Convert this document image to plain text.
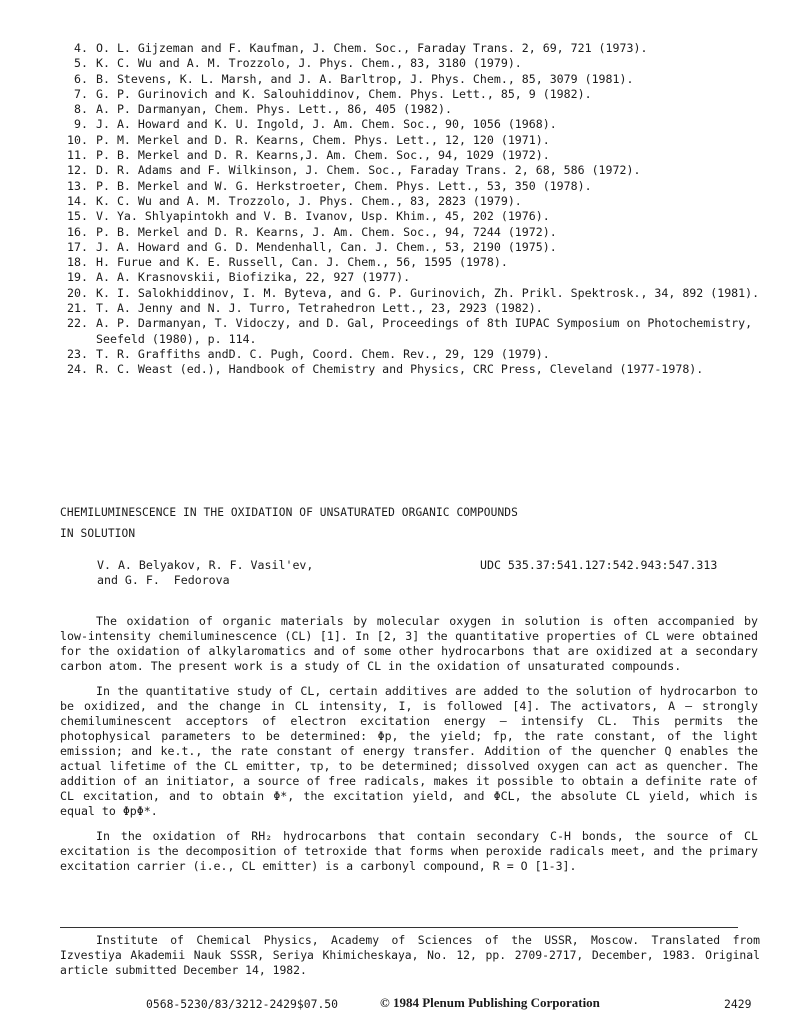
4. O. L. Gijzeman and F. Kaufman, J. Chem. Soc., Faraday Trans. 2, 69, 721 (1973).
5. K. C. Wu and A. M. Trozzolo, J. Phys. Chem., 83, 3180 (1979).
6. B. Stevens, K. L. Marsh, and J. A. Barltrop, J. Phys. Chem., 85, 3079 (1981).
7. G. P. Gurinovich and K. Salouhiddinov, Chem. Phys. Lett., 85, 9 (1982).
8. A. P. Darmanyan, Chem. Phys. Lett., 86, 405 (1982).
9. J. A. Howard and K. U. Ingold, J. Am. Chem. Soc., 90, 1056 (1968).
10. P. M. Merkel and D. R. Kearns, Chem. Phys. Lett., 12, 120 (1971).
11. P. B. Merkel and D. R. Kearns,J. Am. Chem. Soc., 94, 1029 (1972).
12. D. R. Adams and F. Wilkinson, J. Chem. Soc., Faraday Trans. 2, 68, 586 (1972).
13. P. B. Merkel and W. G. Herkstroeter, Chem. Phys. Lett., 53, 350 (1978).
14. K. C. Wu and A. M. Trozzolo, J. Phys. Chem., 83, 2823 (1979).
15. V. Ya. Shlyapintokh and V. B. Ivanov, Usp. Khim., 45, 202 (1976).
16. P. B. Merkel and D. R. Kearns, J. Am. Chem. Soc., 94, 7244 (1972).
17. J. A. Howard and G. D. Mendenhall, Can. J. Chem., 53, 2190 (1975).
18. H. Furue and K. E. Russell, Can. J. Chem., 56, 1595 (1978).
19. A. A. Krasnovskii, Biofizika, 22, 927 (1977).
20. K. I. Salokhiddinov, I. M. Byteva, and G. P. Gurinovich, Zh. Prikl. Spektrosk., 34, 892 (1981).
21. T. A. Jenny and N. J. Turro, Tetrahedron Lett., 23, 2923 (1982).
22. A. P. Darmanyan, T. Vidoczy, and D. Gal, Proceedings of 8th IUPAC Symposium on Photochemistry, Seefeld (1980), p. 114.
23. T. R. Graffiths andD. C. Pugh, Coord. Chem. Rev., 29, 129 (1979).
24. R. C. Weast (ed.), Handbook of Chemistry and Physics, CRC Press, Cleveland (1977-1978).
CHEMILUMINESCENCE IN THE OXIDATION OF UNSATURATED ORGANIC COMPOUNDS
IN SOLUTION
V. A. Belyakov, R. F. Vasil'ev,
and G. F.  Fedorova
UDC 535.37:541.127:542.943:547.313

The oxidation of organic materials by molecular oxygen in solution is often accompanied by low-intensity chemiluminescence (CL) [1]. In [2, 3] the quantitative properties of CL were obtained for the oxidation of alkylaromatics and of some other hydrocarbons that are oxidized at a secondary carbon atom. The present work is a study of CL in the oxidation of unsaturated compounds.

In the quantitative study of CL, certain additives are added to the solution of hydrocarbon to be oxidized, and the change in CL intensity, I, is followed [4]. The activators, A — strongly chemiluminescent acceptors of electron excitation energy — intensify CL. This permits the photophysical parameters to be determined: Φp, the yield; fp, the rate constant, of the light emission; and ke.t., the rate constant of energy transfer. Addition of the quencher Q enables the actual lifetime of the CL emitter, τp, to be determined; dissolved oxygen can act as quencher. The addition of an initiator, a source of free radicals, makes it possible to obtain a definite rate of CL excitation, and to obtain Φ*, the excitation yield, and ΦCL, the absolute CL yield, which is equal to ΦpΦ*.

In the oxidation of RH₂ hydrocarbons that contain secondary C-H bonds, the source of CL excitation is the decomposition of tetroxide that forms when peroxide radicals meet, and the primary excitation carrier (i.e., CL emitter) is a carbonyl compound, R = O [1-3].

Institute of Chemical Physics, Academy of Sciences of the USSR, Moscow. Translated from Izvestiya Akademii Nauk SSSR, Seriya Khimicheskaya, No. 12, pp. 2709-2717, December, 1983. Original article submitted December 14, 1982.
0568-5230/83/3212-2429$07.50	© 1984 Plenum Publishing Corporation	2429
